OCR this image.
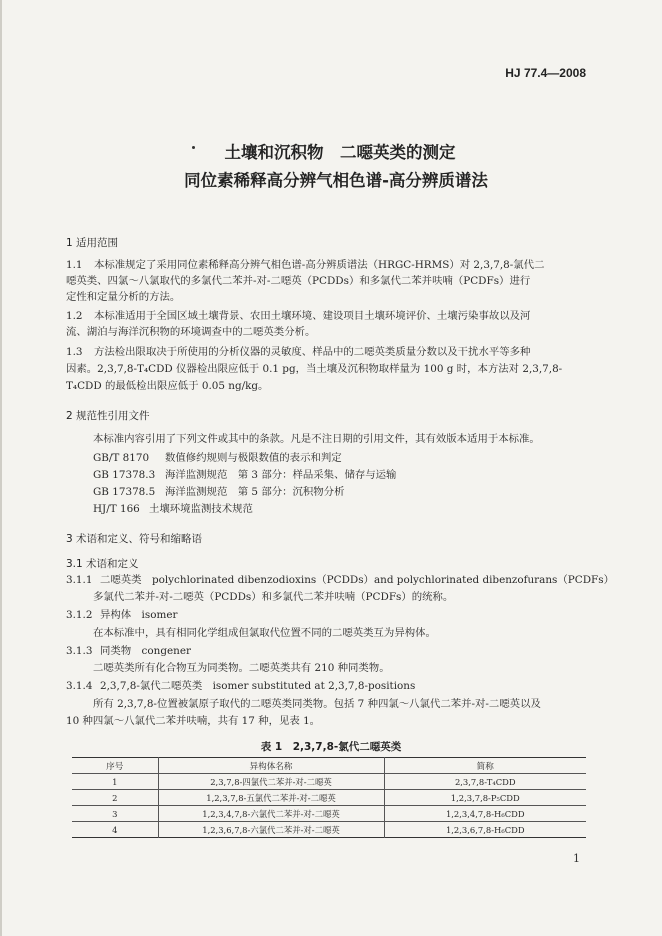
HJ 77.4—2008
土壤和沉积物　二噁英类的测定
同位素稀释高分辨气相色谱-高分辨质谱法
1 适用范围
1.1 本标准规定了采用同位素稀释高分辨气相色谱-高分辨质谱法（HRGC-HRMS）对 2,3,7,8-氯代二
噁英类、四氯～八氯取代的多氯代二苯并-对-二噁英（PCDDs）和多氯代二苯并呋喃（PCDFs）进行
定性和定量分析的方法。
1.2 本标准适用于全国区域土壤背景、农田土壤环境、建设项目土壤环境评价、土壤污染事故以及河
流、湖泊与海洋沉积物的环境调查中的二噁英类分析。
1.3 方法检出限取决于所使用的分析仪器的灵敏度、样品中的二噁英类质量分数以及干扰水平等多种
因素。2,3,7,8-T₄CDD 仪器检出限应低于 0.1 pg，当土壤及沉积物取样量为 100 g 时，本方法对 2,3,7,8-
T₄CDD 的最低检出限应低于 0.05 ng/kg。
2 规范性引用文件
本标准内容引用了下列文件或其中的条款。凡是不注日期的引用文件，其有效版本适用于本标准。
GB/T 8170 数值修约规则与极限数值的表示和判定
GB 17378.3 海洋监测规范　第 3 部分：样品采集、储存与运输
GB 17378.5 海洋监测规范　第 5 部分：沉积物分析
HJ/T 166 土壤环境监测技术规范
3 术语和定义、符号和缩略语
3.1 术语和定义
3.1.1 二噁英类　polychlorinated dibenzodioxins（PCDDs）and polychlorinated dibenzofurans（PCDFs）
多氯代二苯并-对-二噁英（PCDDs）和多氯代二苯并呋喃（PCDFs）的统称。
3.1.2 异构体　isomer
在本标准中，具有相同化学组成但氯取代位置不同的二噁英类互为异构体。
3.1.3 同类物　congener
二噁英类所有化合物互为同类物。二噁英类共有 210 种同类物。
3.1.4 2,3,7,8-氯代二噁英类　isomer substituted at 2,3,7,8-positions
所有 2,3,7,8-位置被氯原子取代的二噁英类同类物。包括 7 种四氯～八氯代二苯并-对-二噁英以及
10 种四氯～八氯代二苯并呋喃，共有 17 种，见表 1。
表 1　2,3,7,8-氯代二噁英类
序号	异构体名称	简称
1	2,3,7,8-四氯代二苯并-对-二噁英	2,3,7,8-T₄CDD
2	1,2,3,7,8-五氯代二苯并-对-二噁英	1,2,3,7,8-P₅CDD
3	1,2,3,4,7,8-六氯代二苯并-对-二噁英	1,2,3,4,7,8-H₆CDD
4	1,2,3,6,7,8-六氯代二苯并-对-二噁英	1,2,3,6,7,8-H₆CDD
1
